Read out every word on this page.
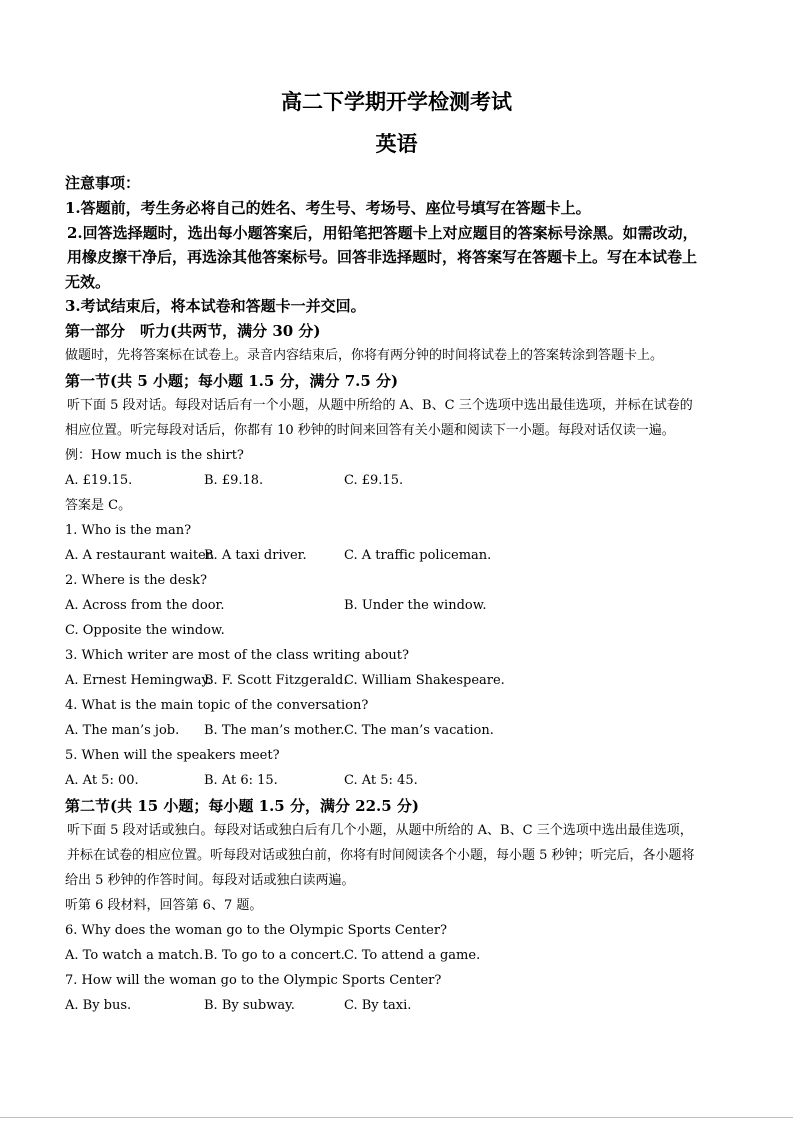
高二下学期开学检测考试
英语
注意事项：
1.答题前，考生务必将自己的姓名、考生号、考场号、座位号填写在答题卡上。
2.回答选择题时，选出每小题答案后，用铅笔把答题卡上对应题目的答案标号涂黑。如需改动，
用橡皮擦干净后，再选涂其他答案标号。回答非选择题时，将答案写在答题卡上。写在本试卷上
无效。
3.考试结束后，将本试卷和答题卡一并交回。
第一部分　听力(共两节，满分 30 分)
做题时，先将答案标在试卷上。录音内容结束后，你将有两分钟的时间将试卷上的答案转涂到答题卡上。
第一节(共 5 小题；每小题 1.5 分，满分 7.5 分)
听下面 5 段对话。每段对话后有一个小题，从题中所给的 A、B、C 三个选项中选出最佳选项，并标在试卷的
相应位置。听完每段对话后，你都有 10 秒钟的时间来回答有关小题和阅读下一小题。每段对话仅读一遍。
例：How much is the shirt?
A. £19.15.	B. £9.18.	C. £9.15.
答案是 C。
1. Who is the man?
A. A restaurant waiter.
B. A taxi driver.	C. A traffic policeman.
2. Where is the desk?
A. Across from the door.	B. Under the window.
C. Opposite the window.
3. Which writer are most of the class writing about?
A. Ernest Hemingway.
B. F. Scott Fitzgerald.
C. William Shakespeare.
4. What is the main topic of the conversation?
A. The man’s job. B. The man’s mother. C. The man’s vacation.
5. When will the speakers meet?
A. At 5: 00.	B. At 6: 15.	C. At 5: 45.
第二节(共 15 小题；每小题 1.5 分，满分 22.5 分)
听下面 5 段对话或独白。每段对话或独白后有几个小题，从题中所给的 A、B、C 三个选项中选出最佳选项，
并标在试卷的相应位置。听每段对话或独白前，你将有时间阅读各个小题，每小题 5 秒钟；听完后，各小题将
给出 5 秒钟的作答时间。每段对话或独白读两遍。
听第 6 段材料，回答第 6、7 题。
6. Why does the woman go to the Olympic Sports Center?
A. To watch a match. B. To go to a concert. C. To attend a game.
7. How will the woman go to the Olympic Sports Center?
A. By bus.	B. By subway.	C. By taxi.
